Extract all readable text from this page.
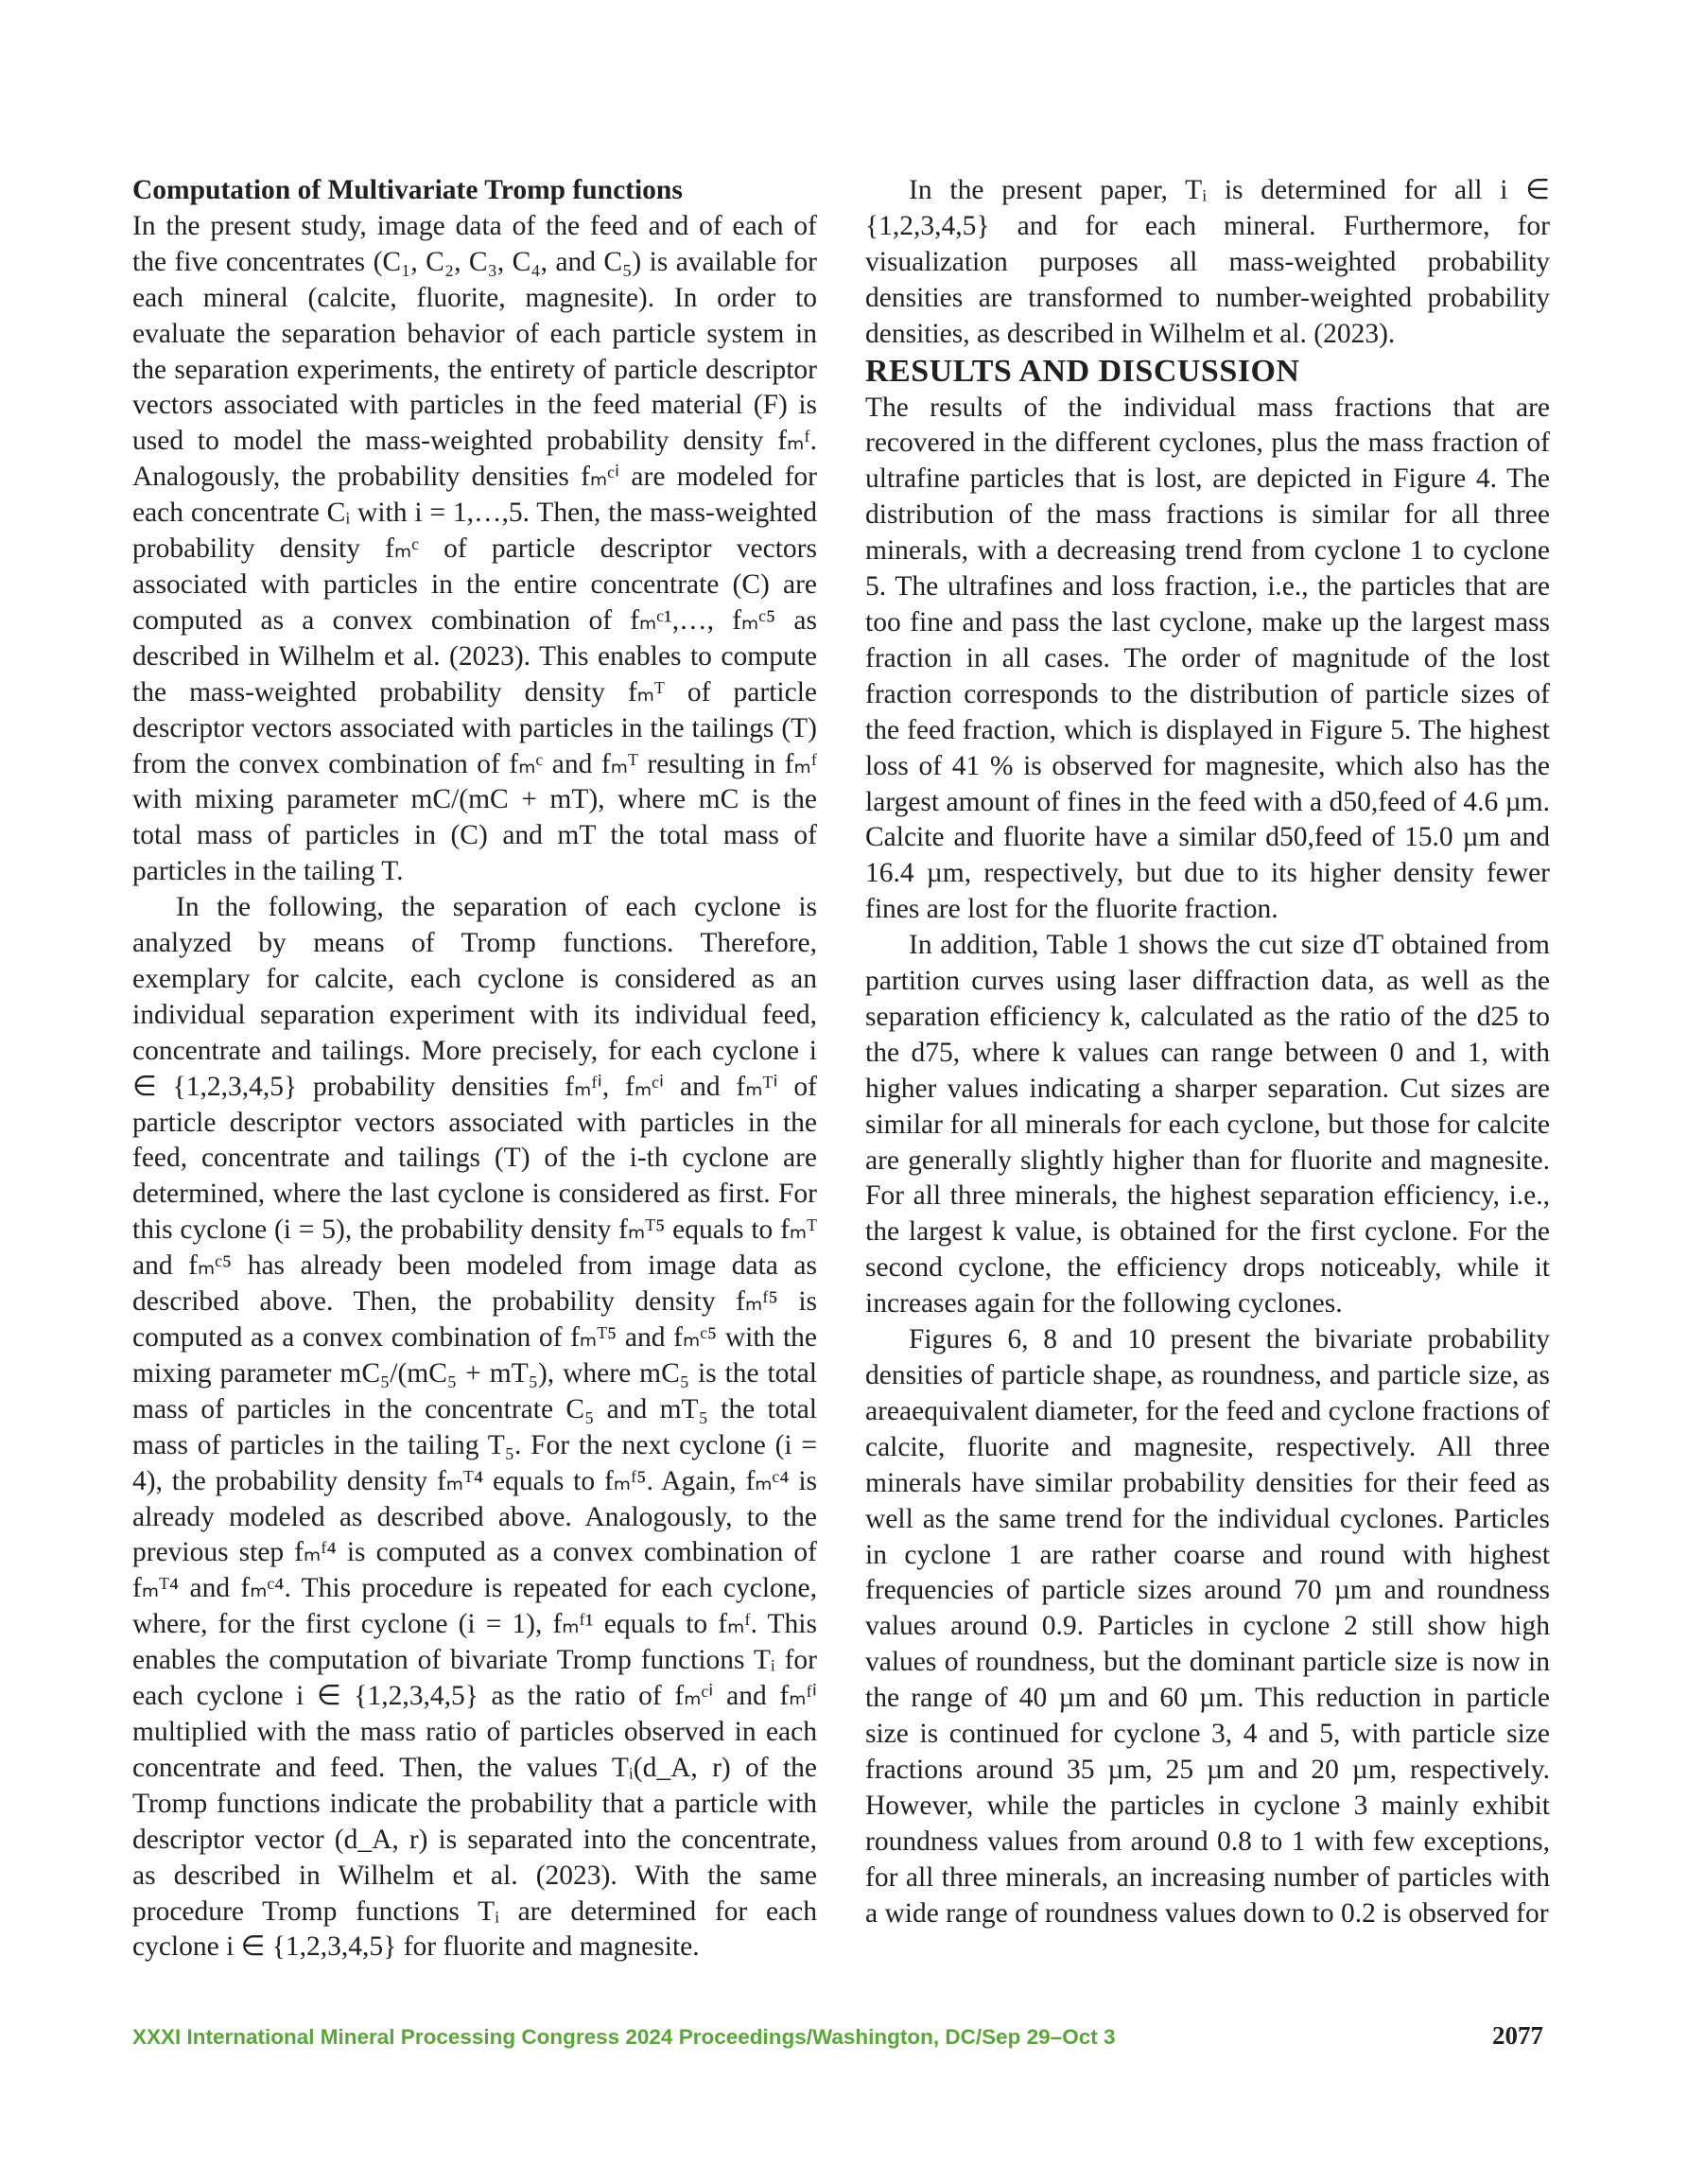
Computation of Multivariate Tromp functions

In the present study, image data of the feed and of each of the five concentrates (C₁, C₂, C₃, C₄, and C₅) is available for each mineral (calcite, fluorite, magnesite). In order to evaluate the separation behavior of each particle system in the separation experiments, the entirety of particle descriptor vectors associated with particles in the feed material (F) is used to model the mass-weighted probability density fₘᶠ. Analogously, the probability densities fₘᶜⁱ are modeled for each concentrate Cᵢ with i = 1,…,5. Then, the mass-weighted probability density fₘᶜ of particle descriptor vectors associated with particles in the entire concentrate (C) are computed as a convex combination of fₘᶜ¹,…, fₘᶜ⁵ as described in Wilhelm et al. (2023). This enables to compute the mass-weighted probability density fₘᵀ of particle descriptor vectors associated with particles in the tailings (T) from the convex combination of fₘᶜ and fₘᵀ resulting in fₘᶠ with mixing parameter mC/(mC + mT), where mC is the total mass of particles in (C) and mT the total mass of particles in the tailing T.

In the following, the separation of each cyclone is analyzed by means of Tromp functions. Therefore, exemplary for calcite, each cyclone is considered as an individual separation experiment with its individual feed, concentrate and tailings. More precisely, for each cyclone i ∈ {1,2,3,4,5} probability densities fₘᶠⁱ, fₘᶜⁱ and fₘᵀⁱ of particle descriptor vectors associated with particles in the feed, concentrate and tailings (T) of the i-th cyclone are determined, where the last cyclone is considered as first. For this cyclone (i = 5), the probability density fₘᵀ⁵ equals to fₘᵀ and fₘᶜ⁵ has already been modeled from image data as described above. Then, the probability density fₘᶠ⁵ is computed as a convex combination of fₘᵀ⁵ and fₘᶜ⁵ with the mixing parameter mC₅/(mC₅ + mT₅), where mC₅ is the total mass of particles in the concentrate C₅ and mT₅ the total mass of particles in the tailing T₅. For the next cyclone (i = 4), the probability density fₘᵀ⁴ equals to fₘᶠ⁵. Again, fₘᶜ⁴ is already modeled as described above. Analogously, to the previous step fₘᶠ⁴ is computed as a convex combination of fₘᵀ⁴ and fₘᶜ⁴. This procedure is repeated for each cyclone, where, for the first cyclone (i = 1), fₘᶠ¹ equals to fₘᶠ. This enables the computation of bivariate Tromp functions Tᵢ for each cyclone i ∈ {1,2,3,4,5} as the ratio of fₘᶜⁱ and fₘᶠⁱ multiplied with the mass ratio of particles observed in each concentrate and feed. Then, the values Tᵢ(d_A, r) of the Tromp functions indicate the probability that a particle with descriptor vector (d_A, r) is separated into the concentrate, as described in Wilhelm et al. (2023). With the same procedure Tromp functions Tᵢ are determined for each cyclone i ∈ {1,2,3,4,5} for fluorite and magnesite.

In the present paper, Tᵢ is determined for all i ∈ {1,2,3,4,5} and for each mineral. Furthermore, for visualization purposes all mass-weighted probability densities are transformed to number-weighted probability densities, as described in Wilhelm et al. (2023).

RESULTS AND DISCUSSION

The results of the individual mass fractions that are recovered in the different cyclones, plus the mass fraction of ultrafine particles that is lost, are depicted in Figure 4. The distribution of the mass fractions is similar for all three minerals, with a decreasing trend from cyclone 1 to cyclone 5. The ultrafines and loss fraction, i.e., the particles that are too fine and pass the last cyclone, make up the largest mass fraction in all cases. The order of magnitude of the lost fraction corresponds to the distribution of particle sizes of the feed fraction, which is displayed in Figure 5. The highest loss of 41 % is observed for magnesite, which also has the largest amount of fines in the feed with a d50,feed of 4.6 µm. Calcite and fluorite have a similar d50,feed of 15.0 µm and 16.4 µm, respectively, but due to its higher density fewer fines are lost for the fluorite fraction.

In addition, Table 1 shows the cut size dT obtained from partition curves using laser diffraction data, as well as the separation efficiency k, calculated as the ratio of the d25 to the d75, where k values can range between 0 and 1, with higher values indicating a sharper separation. Cut sizes are similar for all minerals for each cyclone, but those for calcite are generally slightly higher than for fluorite and magnesite. For all three minerals, the highest separation efficiency, i.e., the largest k value, is obtained for the first cyclone. For the second cyclone, the efficiency drops noticeably, while it increases again for the following cyclones.

Figures 6, 8 and 10 present the bivariate probability densities of particle shape, as roundness, and particle size, as areaequivalent diameter, for the feed and cyclone fractions of calcite, fluorite and magnesite, respectively. All three minerals have similar probability densities for their feed as well as the same trend for the individual cyclones. Particles in cyclone 1 are rather coarse and round with highest frequencies of particle sizes around 70 µm and roundness values around 0.9. Particles in cyclone 2 still show high values of roundness, but the dominant particle size is now in the range of 40 µm and 60 µm. This reduction in particle size is continued for cyclone 3, 4 and 5, with particle size fractions around 35 µm, 25 µm and 20 µm, respectively. However, while the particles in cyclone 3 mainly exhibit roundness values from around 0.8 to 1 with few exceptions, for all three minerals, an increasing number of particles with a wide range of roundness values down to 0.2 is observed for

XXXI International Mineral Processing Congress 2024 Proceedings/Washington, DC/Sep 29–Oct 3	2077
